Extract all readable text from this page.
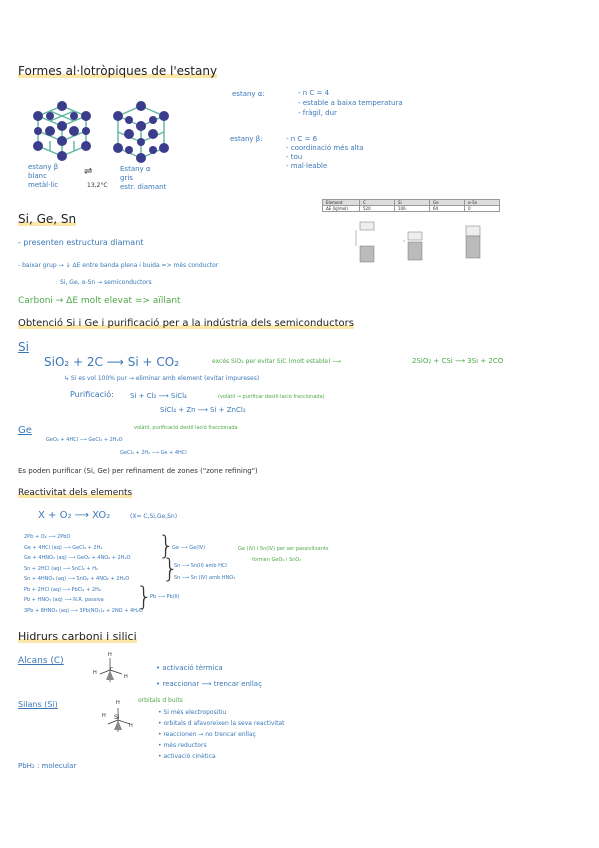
Formes al·lotròpiques de l'estany
estany β
blanc
metàl·lic
⇌
13,2°C
Estany α
gris
estr. diamant
estany α:	- n C = 4
- estable a baixa temperatura
- fràgil, dur
estany β:	- n C = 6
- coordinació més alta
- tou
- mal·leable
Element	C	Si	Ge	α-Sn
ΔE (kJ/mol)	520	106	64	0
Si, Ge, Sn
- presenten estructura diamant
- baixar grup → ↓ ΔE entre banda plena i buida => més conductor
Si, Ge, α-Sn → semiconductors
Carboni → ΔE molt elevat => aïllant
Obtenció Si i Ge i purificació per a la indústria dels semiconductors
Si
SiO₂ + 2C ⟶ Si + CO₂	excés SiO₂ per evitar SiC (molt estable) ⟶	2SiO₂ + CSi ⟶ 3Si + 2CO
↳ Si es vol 100% pur → eliminar amb element (evitar impureses)
Purificació: Si + Cl₂ ⟶ SiCl₄	(volàtil → purificar destil·lació fraccionada)
SiCl₄ + Zn ⟶ Si + ZnCl₂
Ge	volàtil, purificació destil·lació fraccionada
GeO₂ + 4HCl ⟶ GeCl₄ + 2H₂O
GeCl₄ + 2H₂ ⟶ Ge + 4HCl
Es poden purificar (Si, Ge) per refinament de zones ("zone refining")
Reactivitat dels elements
X + O₂ ⟶ XO₂	(X= C,Si,Ge,Sn)
2Pb + O₂ ⟶ 2PbO
Ge + 4HCl (aq) ⟶ GeCl₄ + 2H₂
Ge + 4HNO₃ (aq) ⟶ GeO₂ + 4NO₂ + 2H₂O
Sn + 2HCl (aq) ⟶ SnCl₂ + H₂
Sn + 4HNO₃ (aq) ⟶ SnO₂ + 4NO₂ + 2H₂O
Pb + 2HCl (aq) ⟶ PbCl₂ + 2H₂
Pb + HNO₃ (aq) ⟶ N.R. passiva
3Pb + 8HNO₃ (aq) ⟶ 3Pb(NO₃)₂ + 2NO + 4H₂O
}
Ge ⟶ Ge(IV)	Ge (IV) i Sn(IV) per ser passivitzants
formen GeO₂ i SnO₂
}
Sn ⟶ Sn(II) amb HCl
Sn ⟶ Sn (IV) amb HNO₃
}
Pb ⟶ Pb(II)
Hidrurs carboni i silici
Alcans (C)
H
H	C
H
• activació tèrmica
• reaccionar ⟶ trencar enllaç
Silans (Si)	orbitals d buits
H
H Si
H
• Si més electropositiu
• orbitals d afavoreixen la seva reactivitat
• reaccionen → no trencar enllaç
• més reductors
• activació cinètica
PbH₂ : molecular
